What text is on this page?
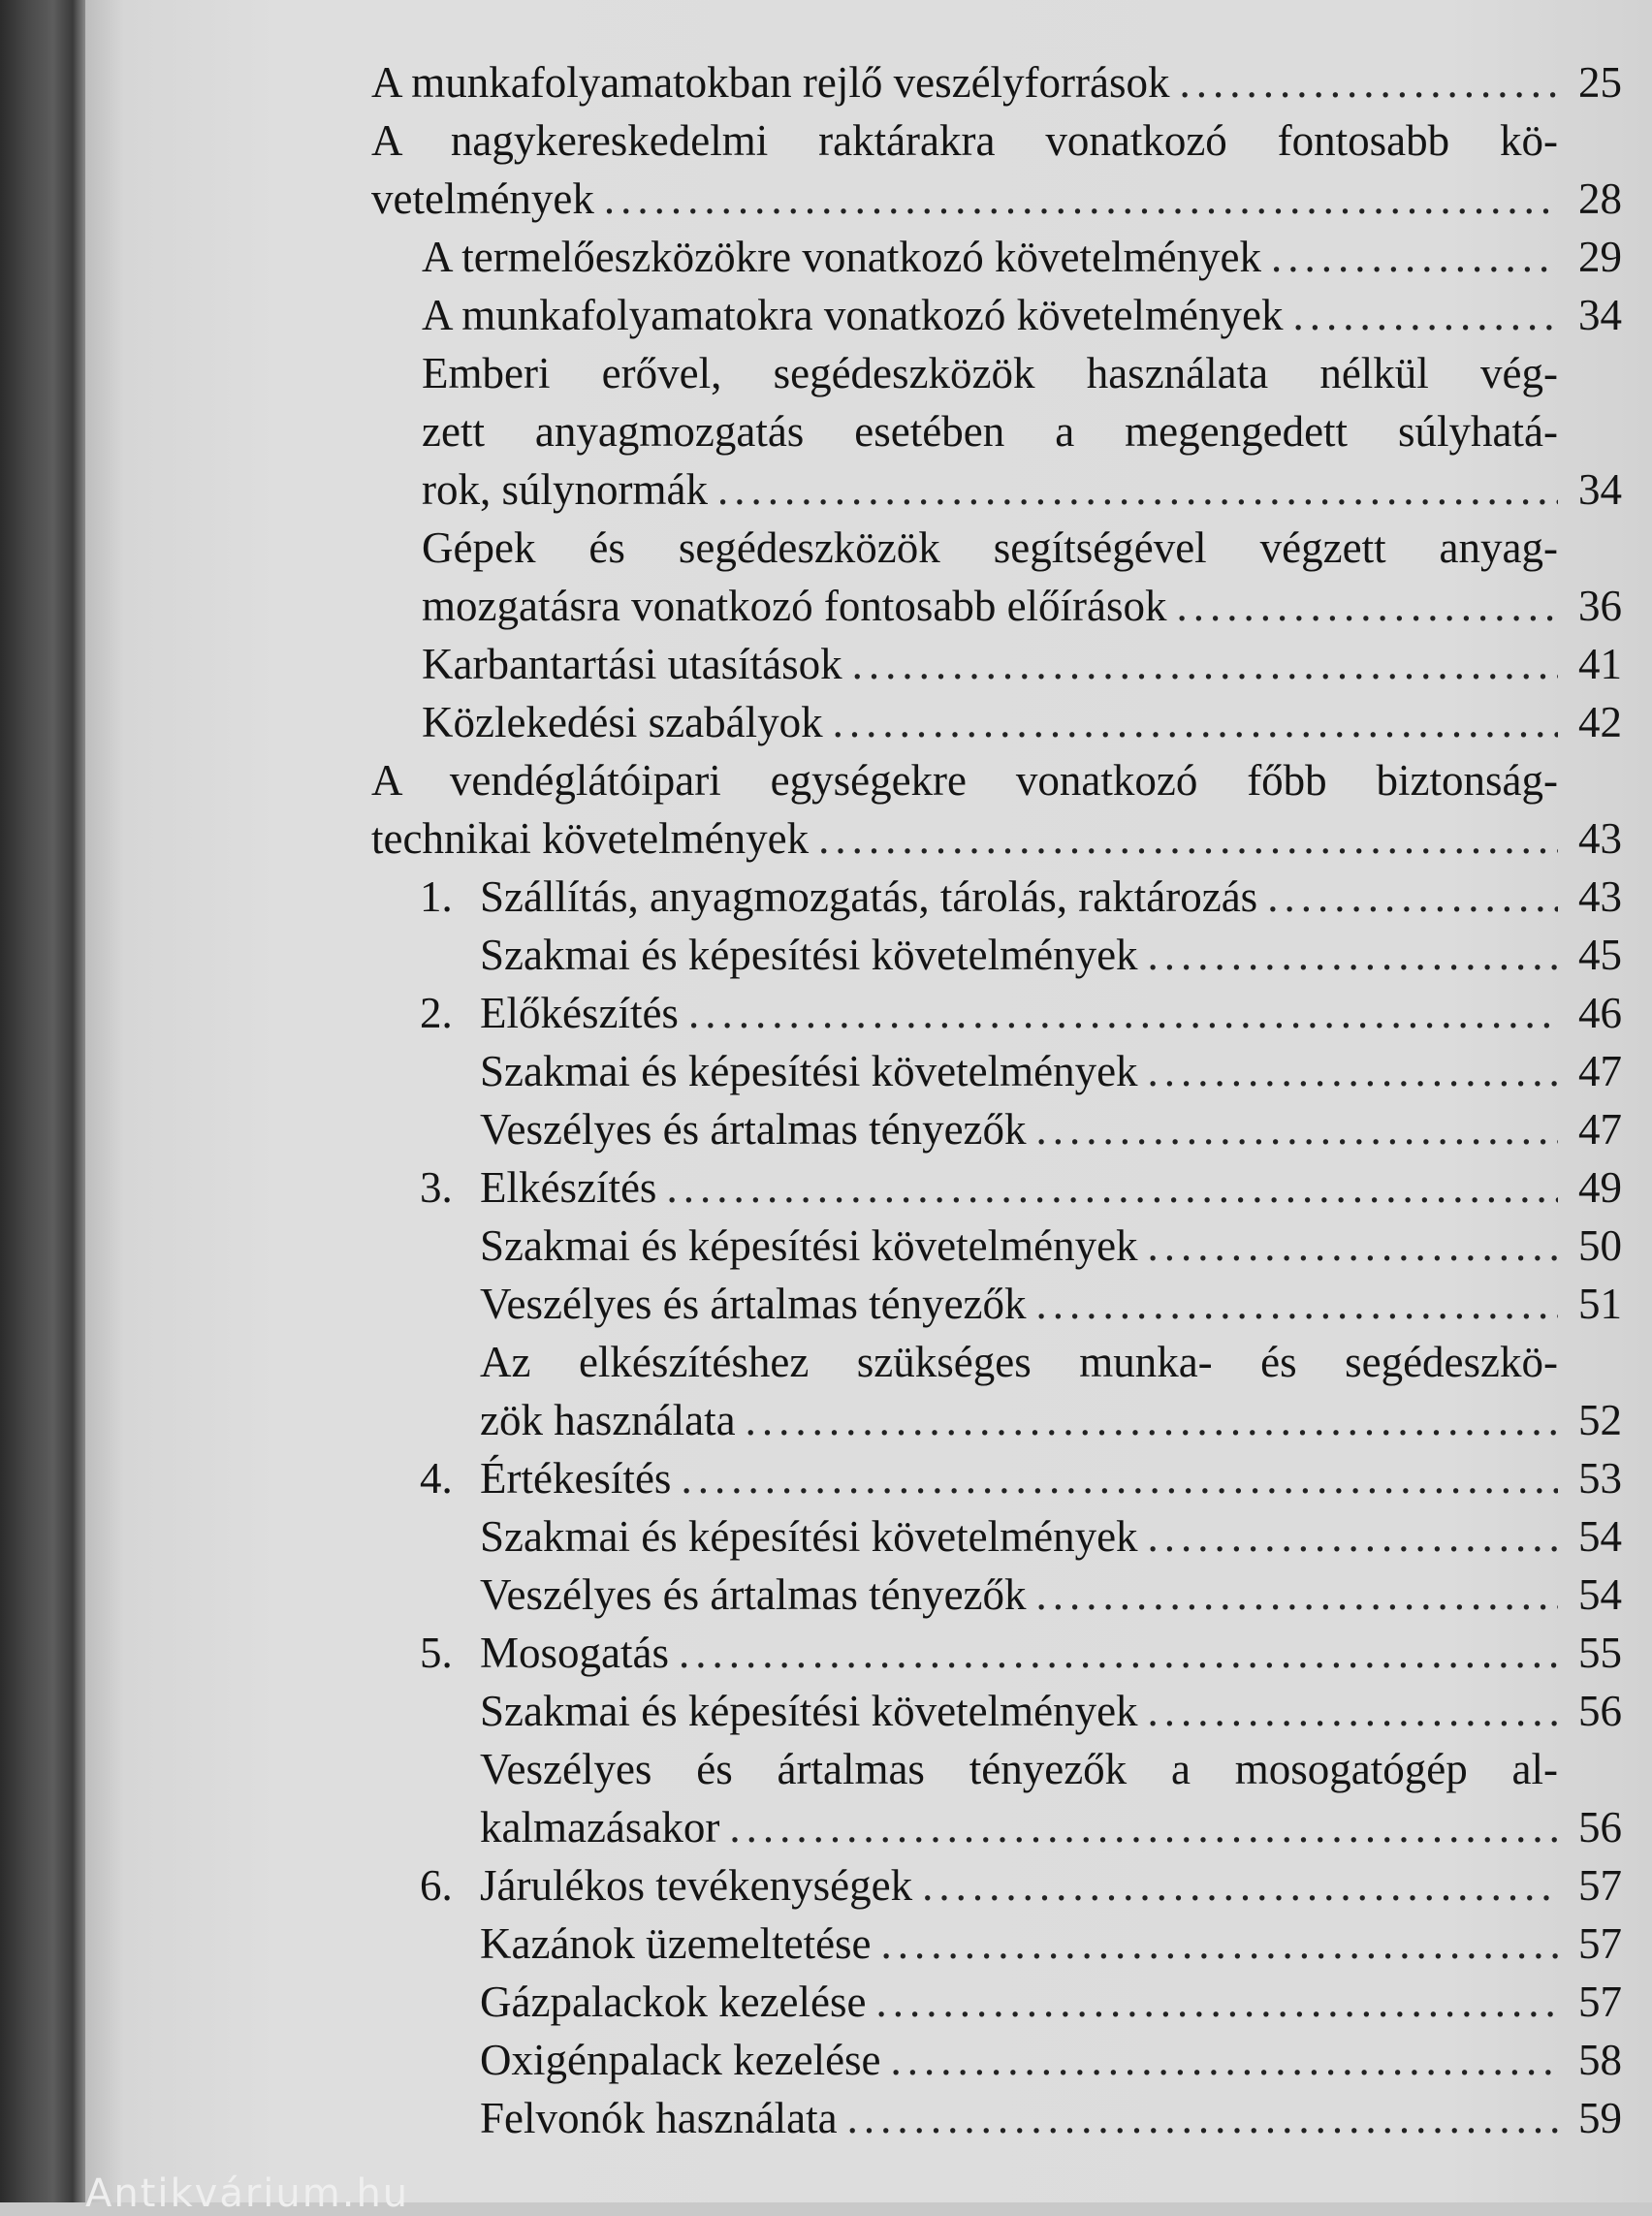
A munkafolyamatokban rejlő veszélyforrások .....	25
A nagykereskedelmi raktárakra vonatkozó fontosabb kö-
vetelmények .....	28
A termelőeszközökre vonatkozó követelmények .....	29
A munkafolyamatokra vonatkozó követelmények .....	34
Emberi erővel, segédeszközök használata nélkül vég-
zett anyagmozgatás esetében a megengedett súlyhatá-
rok, súlynormák .....	34
Gépek és segédeszközök segítségével végzett anyag-
mozgatásra vonatkozó fontosabb előírások .....	36
Karbantartási utasítások .....	41
Közlekedési szabályok .....	42
A vendéglátóipari egységekre vonatkozó főbb biztonság-
technikai követelmények .....	43
1. Szállítás, anyagmozgatás, tárolás, raktározás .....	43
Szakmai és képesítési követelmények .....	45
2. Előkészítés .....	46
Szakmai és képesítési követelmények .....	47
Veszélyes és ártalmas tényezők .....	47
3. Elkészítés .....	49
Szakmai és képesítési követelmények .....	50
Veszélyes és ártalmas tényezők .....	51
Az elkészítéshez szükséges munka- és segédeszkö-
zök használata .....	52
4. Értékesítés .....	53
Szakmai és képesítési követelmények .....	54
Veszélyes és ártalmas tényezők .....	54
5. Mosogatás .....	55
Szakmai és képesítési követelmények .....	56
Veszélyes és ártalmas tényezők a mosogatógép al-
kalmazásakor .....	56
6. Járulékos tevékenységek .....	57
Kazánok üzemeltetése .....	57
Gázpalackok kezelése .....	57
Oxigénpalack kezelése .....	58
Felvonók használata .....	59
Antikvárium.hu
